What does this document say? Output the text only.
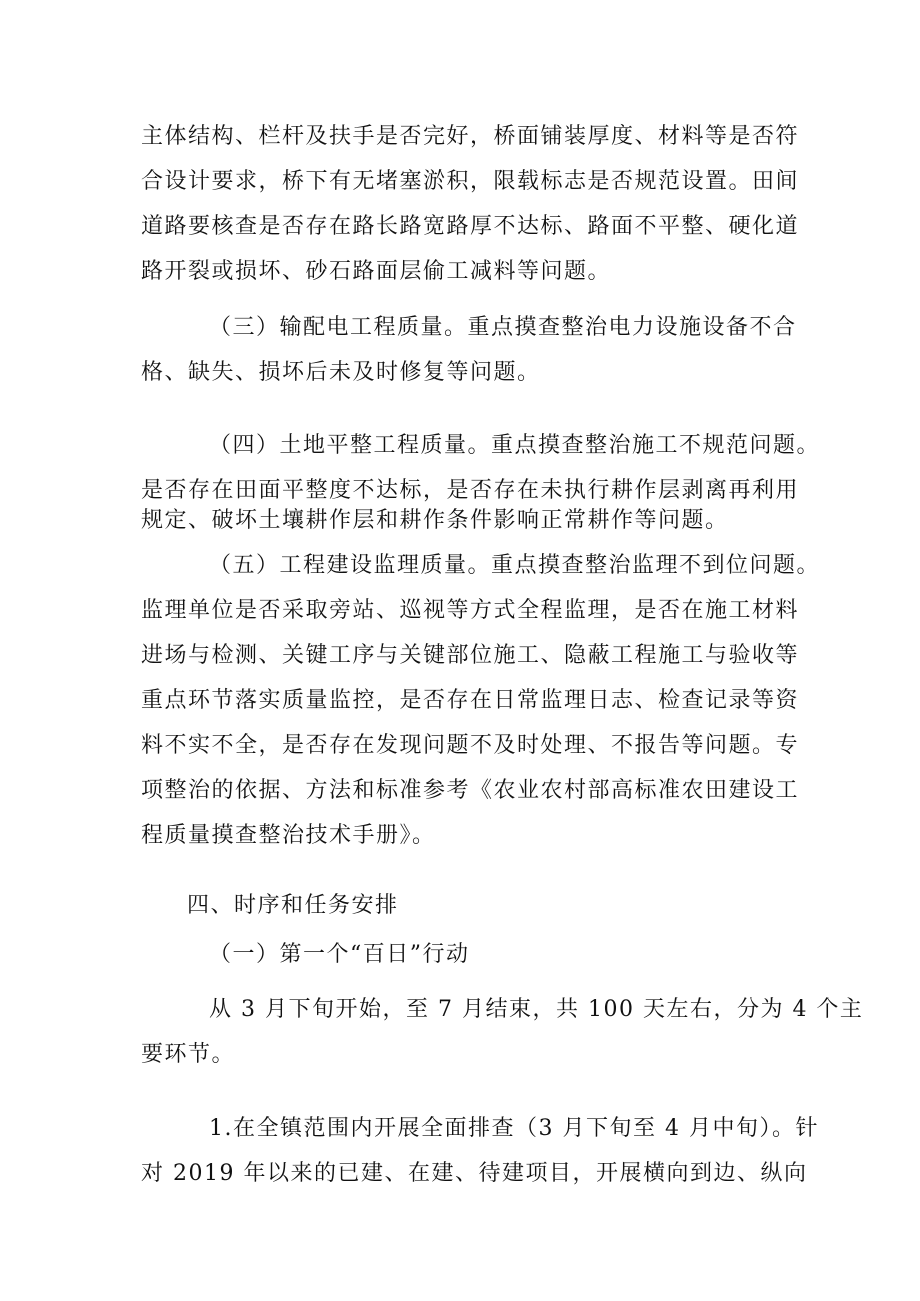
主体结构、栏杆及扶手是否完好，桥面铺装厚度、材料等是否符
合设计要求，桥下有无堵塞淤积，限载标志是否规范设置。田间
道路要核查是否存在路长路宽路厚不达标、路面不平整、硬化道
路开裂或损坏、砂石路面层偷工减料等问题。
（三）输配电工程质量。重点摸查整治电力设施设备不合
格、缺失、损坏后未及时修复等问题。
（四）土地平整工程质量。重点摸查整治施工不规范问题。
是否存在田面平整度不达标，是否存在未执行耕作层剥离再利用
规定、破坏土壤耕作层和耕作条件影响正常耕作等问题。
（五）工程建设监理质量。重点摸查整治监理不到位问题。
监理单位是否采取旁站、巡视等方式全程监理，是否在施工材料
进场与检测、关键工序与关键部位施工、隐蔽工程施工与验收等
重点环节落实质量监控，是否存在日常监理日志、检查记录等资
料不实不全，是否存在发现问题不及时处理、不报告等问题。专
项整治的依据、方法和标准参考《农业农村部高标准农田建设工
程质量摸查整治技术手册》。
四、时序和任务安排
（一）第一个“百日”行动
从 3 月下旬开始，至 7 月结束，共 100 天左右，分为 4 个主
要环节。
1.在全镇范围内开展全面排查（3 月下旬至 4 月中旬）。针
对 2019 年以来的已建、在建、待建项目，开展横向到边、纵向
